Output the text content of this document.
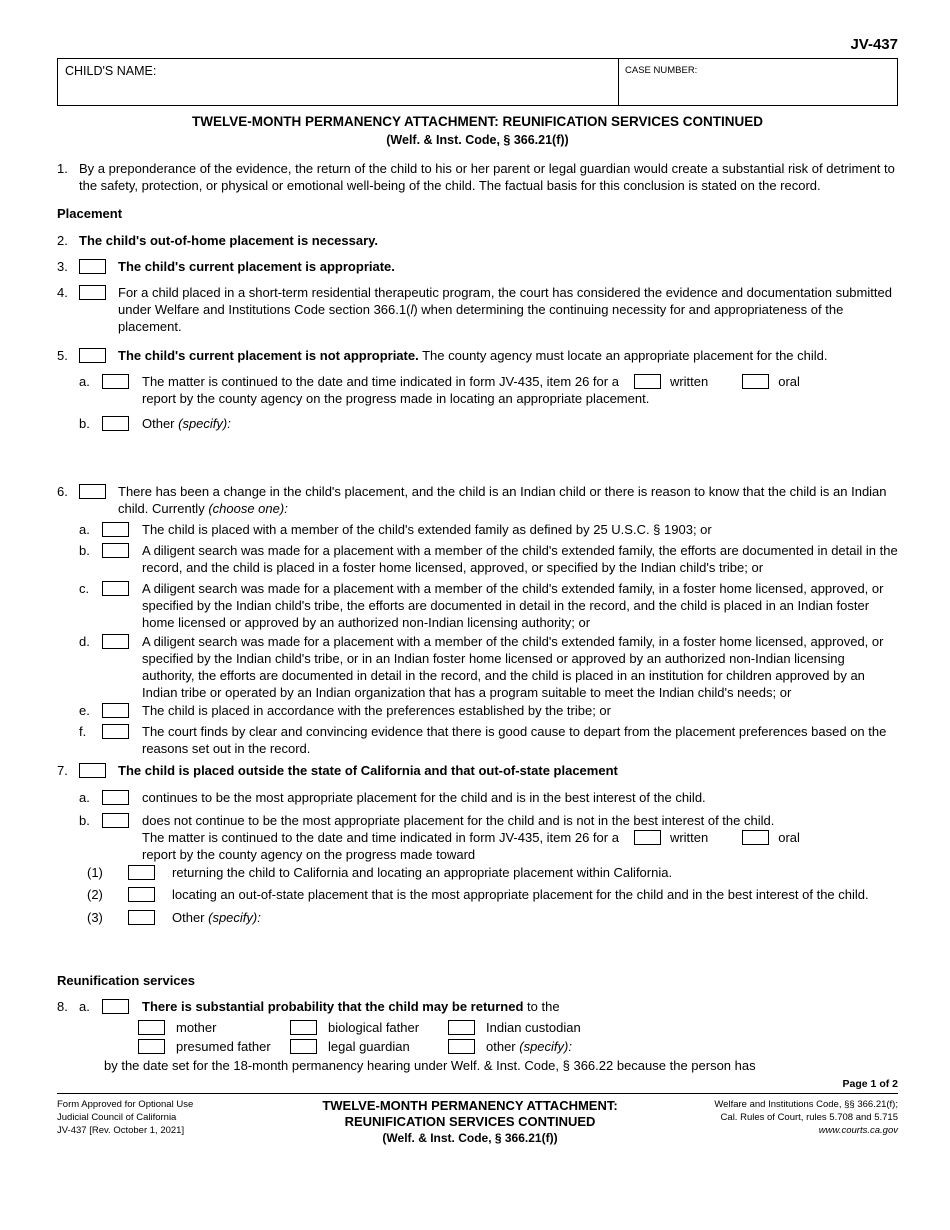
JV-437
CHILD'S NAME:	CASE NUMBER:
TWELVE-MONTH PERMANENCY ATTACHMENT: REUNIFICATION SERVICES CONTINUED
(Welf. & Inst. Code, § 366.21(f))
1. By a preponderance of the evidence, the return of the child to his or her parent or legal guardian would create a substantial risk of detriment to the safety, protection, or physical or emotional well-being of the child. The factual basis for this conclusion is stated on the record.
Placement
2. The child's out-of-home placement is necessary.
3.	The child's current placement is appropriate.
4.	For a child placed in a short-term residential therapeutic program, the court has considered the evidence and documentation submitted under Welfare and Institutions Code section 366.1(l) when determining the continuing necessity for and appropriateness of the placement.
5.	The child's current placement is not appropriate. The county agency must locate an appropriate placement for the child.
a.	The matter is continued to the date and time indicated in form JV-435, item 26 for a	written	oral
report by the county agency on the progress made in locating an appropriate placement.
b.	Other (specify):
6.	There has been a change in the child's placement, and the child is an Indian child or there is reason to know that the child is an Indian child. Currently (choose one):
a.	The child is placed with a member of the child's extended family as defined by 25 U.S.C. § 1903; or
b.	A diligent search was made for a placement with a member of the child's extended family, the efforts are documented in detail in the record, and the child is placed in a foster home licensed, approved, or specified by the Indian child's tribe; or
c.	A diligent search was made for a placement with a member of the child's extended family, in a foster home licensed, approved, or specified by the Indian child's tribe, the efforts are documented in detail in the record, and the child is placed in an Indian foster home licensed or approved by an authorized non-Indian licensing authority; or
d.	A diligent search was made for a placement with a member of the child's extended family, in a foster home licensed, approved, or specified by the Indian child's tribe, or in an Indian foster home licensed or approved by an authorized non-Indian licensing authority, the efforts are documented in detail in the record, and the child is placed in an institution for children approved by an Indian tribe or operated by an Indian organization that has a program suitable to meet the Indian child's needs; or
e.	The child is placed in accordance with the preferences established by the tribe; or
f.	The court finds by clear and convincing evidence that there is good cause to depart from the placement preferences based on the reasons set out in the record.
7.	The child is placed outside the state of California and that out-of-state placement
a.	continues to be the most appropriate placement for the child and is in the best interest of the child.
b.	does not continue to be the most appropriate placement for the child and is not in the best interest of the child.
The matter is continued to the date and time indicated in form JV-435, item 26 for a	written	oral
report by the county agency on the progress made toward
(1)	returning the child to California and locating an appropriate placement within California.
(2)	locating an out-of-state placement that is the most appropriate placement for the child and in the best interest of the child.
(3)	Other (specify):
Reunification services
8. a.	There is substantial probability that the child may be returned to the
mother	biological father	Indian custodian
presumed father	legal guardian	other (specify):
by the date set for the 18-month permanency hearing under Welf. & Inst. Code, § 366.22 because the person has
Page 1 of 2
Form Approved for Optional Use
Judicial Council of California
JV-437 [Rev. October 1, 2021]
TWELVE-MONTH PERMANENCY ATTACHMENT:
REUNIFICATION SERVICES CONTINUED
(Welf. & Inst. Code, § 366.21(f))
Welfare and Institutions Code, §§ 366.21(f);
Cal. Rules of Court, rules 5.708 and 5.715
www.courts.ca.gov
